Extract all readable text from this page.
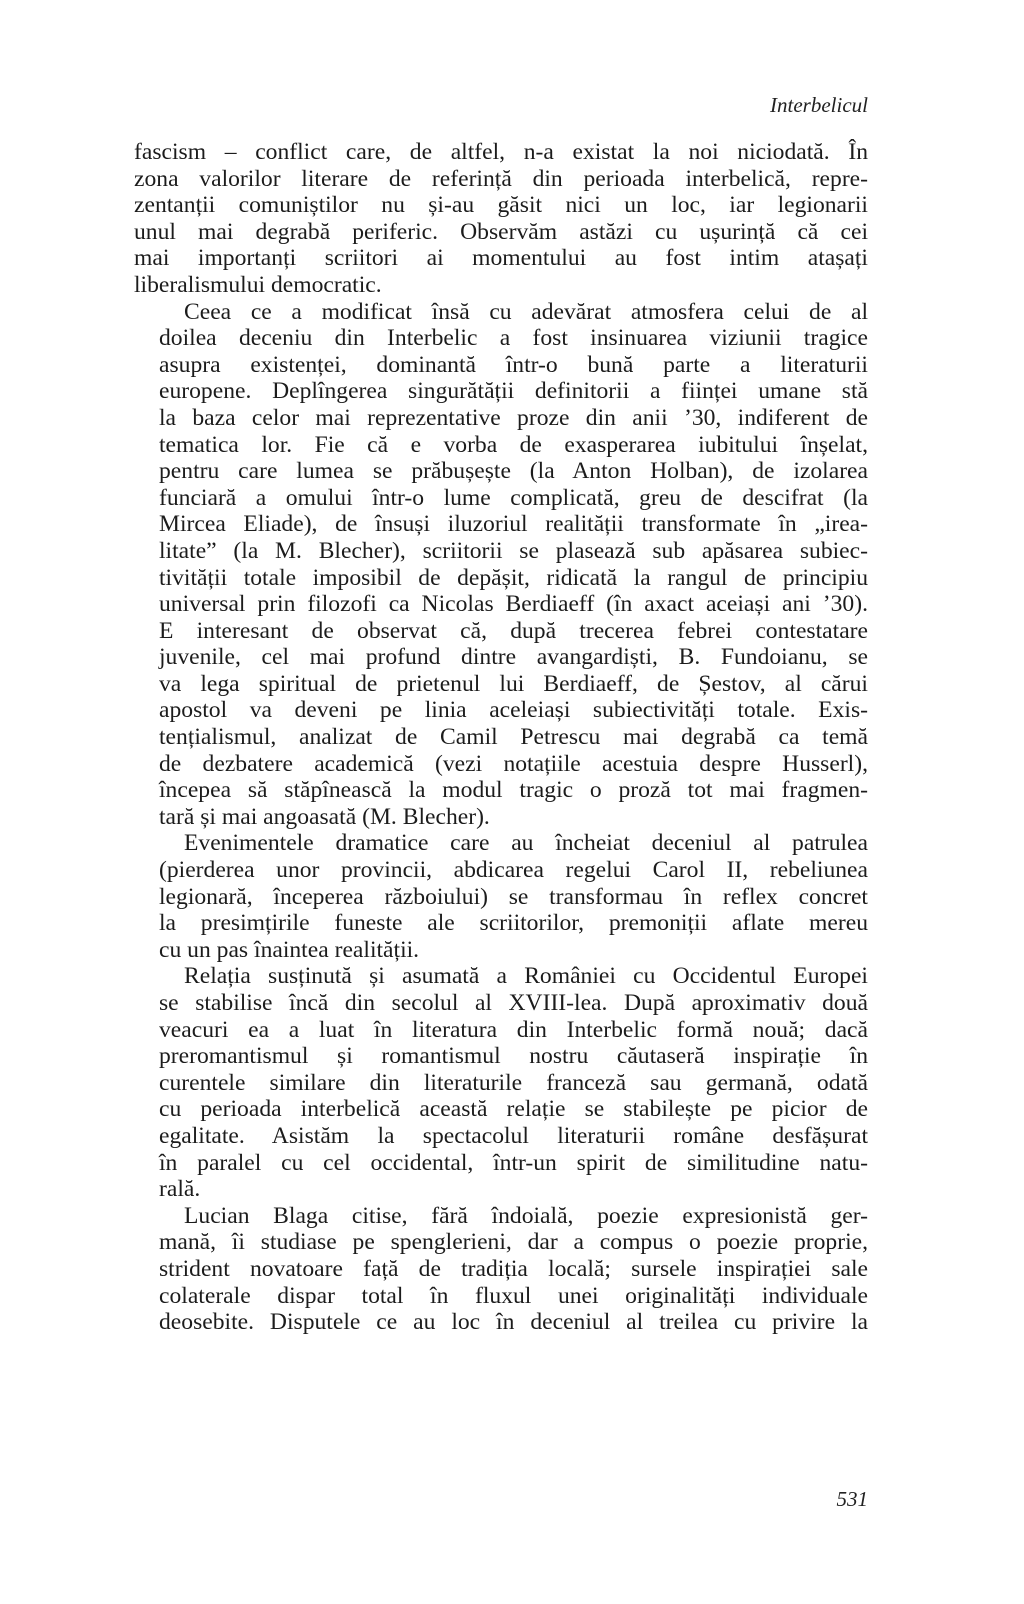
Interbelicul

fascism – conflict care, de altfel, n-a existat la noi niciodată. În
zona valorilor literare de referință din perioada interbelică, repre-
zentanții comuniștilor nu și-au găsit nici un loc, iar legionarii
unul mai degrabă periferic. Observăm astăzi cu ușurință că cei
mai importanți scriitori ai momentului au fost intim atașați
liberalismului democratic.

Ceea ce a modificat însă cu adevărat atmosfera celui de al
doilea deceniu din Interbelic a fost insinuarea viziunii tragice
asupra existenței, dominantă într-o bună parte a literaturii
europene. Deplîngerea singurătății definitorii a ființei umane stă
la baza celor mai reprezentative proze din anii ’30, indiferent de
tematica lor. Fie că e vorba de exasperarea iubitului înșelat,
pentru care lumea se prăbușește (la Anton Holban), de izolarea
funciară a omului într-o lume complicată, greu de descifrat (la
Mircea Eliade), de însuși iluzoriul realității transformate în „irea-
litate” (la M. Blecher), scriitorii se plasează sub apăsarea subiec-
tivității totale imposibil de depășit, ridicată la rangul de principiu
universal prin filozofi ca Nicolas Berdiaeff (în axact aceiași ani ’30).
E interesant de observat că, după trecerea febrei contestatare
juvenile, cel mai profund dintre avangardiști, B. Fundoianu, se
va lega spiritual de prietenul lui Berdiaeff, de Șestov, al cărui
apostol va deveni pe linia aceleiași subiectivități totale. Exis-
tențialismul, analizat de Camil Petrescu mai degrabă ca temă
de dezbatere academică (vezi notațiile acestuia despre Husserl),
începea să stăpînească la modul tragic o proză tot mai fragmen-
tară și mai angoasată (M. Blecher).

Evenimentele dramatice care au încheiat deceniul al patrulea
(pierderea unor provincii, abdicarea regelui Carol II, rebeliunea
legionară, începerea războiului) se transformau în reflex concret
la presimțirile funeste ale scriitorilor, premoniții aflate mereu
cu un pas înaintea realității.

Relația susținută și asumată a României cu Occidentul Europei
se stabilise încă din secolul al XVIII-lea. După aproximativ două
veacuri ea a luat în literatura din Interbelic formă nouă; dacă
preromantismul și romantismul nostru căutaseră inspirație în
curentele similare din literaturile franceză sau germană, odată
cu perioada interbelică această relație se stabilește pe picior de
egalitate. Asistăm la spectacolul literaturii române desfășurat
în paralel cu cel occidental, într-un spirit de similitudine natu-
rală.

Lucian Blaga citise, fără îndoială, poezie expresionistă ger-
mană, îi studiase pe spenglerieni, dar a compus o poezie proprie,
strident novatoare față de tradiția locală; sursele inspirației sale
colaterale dispar total în fluxul unei originalități individuale
deosebite. Disputele ce au loc în deceniul al treilea cu privire la

531
